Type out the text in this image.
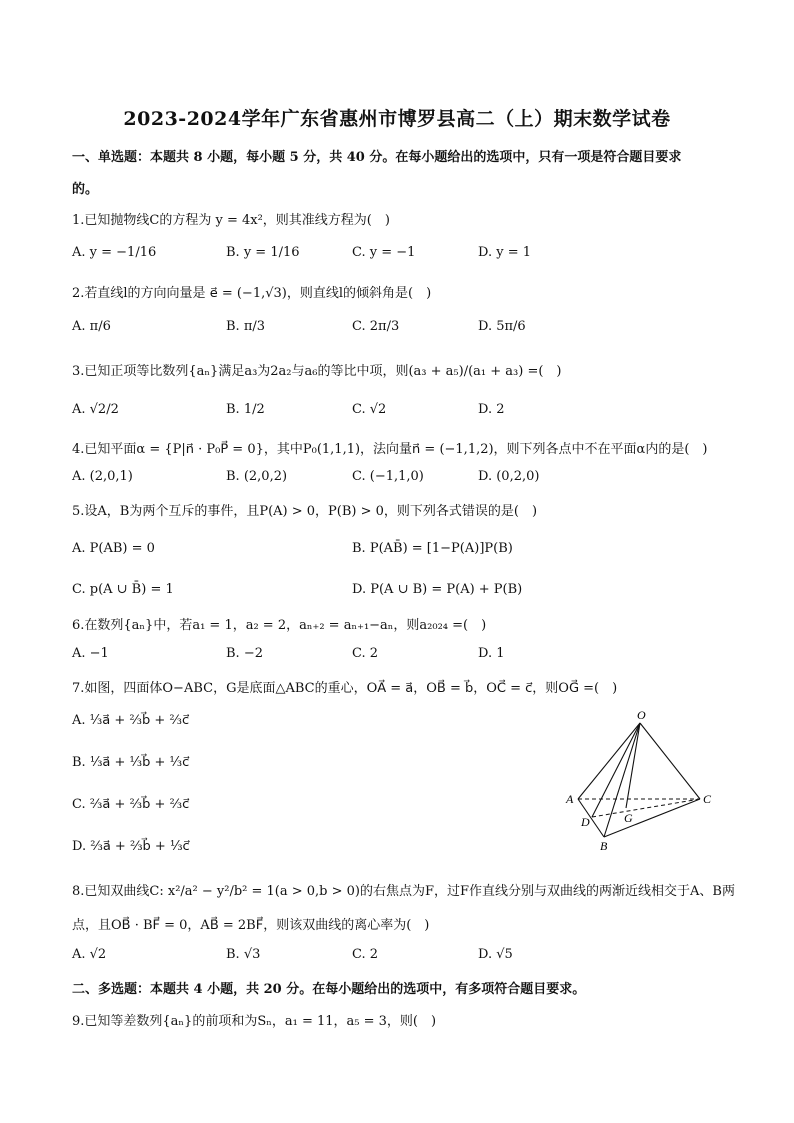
2023-2024学年广东省惠州市博罗县高二（上）期末数学试卷
一、单选题：本题共 8 小题，每小题 5 分，共 40 分。在每小题给出的选项中，只有一项是符合题目要求
的。
1.已知抛物线C的方程为 y = 4x²，则其准线方程为(　)
A. y = −1/16	B. y = 1/16	C. y = −1	D. y = 1
2.若直线l的方向向量是 e⃗ = (−1,√3)，则直线l的倾斜角是(　)
A. π/6	B. π/3	C. 2π/3	D. 5π/6
3.已知正项等比数列{aₙ}满足a₃为2a₂与a₆的等比中项，则(a₃ + a₅)/(a₁ + a₃) =(　)
A. √2/2	B. 1/2	C. √2	D. 2
4.已知平面α = {P|n⃗ · P₀P⃗ = 0}，其中P₀(1,1,1)，法向量n⃗ = (−1,1,2)，则下列各点中不在平面α内的是(　)
A. (2,0,1)	B. (2,0,2)	C. (−1,1,0)	D. (0,2,0)
5.设A，B为两个互斥的事件，且P(A) > 0，P(B) > 0，则下列各式错误的是(　)
A. P(AB) = 0	B. P(AB̄) = [1−P(A)]P(B)
C. p(A ∪ B̄) = 1	D. P(A ∪ B) = P(A) + P(B)
6.在数列{aₙ}中，若a₁ = 1，a₂ = 2，aₙ₊₂ = aₙ₊₁−aₙ，则a₂₀₂₄ =(　)
A. −1	B. −2	C. 2	D. 1
7.如图，四面体O−ABC，G是底面△ABC的重心，OA⃗ = a⃗，OB⃗ = b⃗，OC⃗ = c⃗，则OG⃗ =(　)
A. ⅓a⃗ + ⅔b⃗ + ⅔c⃗
B. ⅓a⃗ + ⅓b⃗ + ⅓c⃗
C. ⅔a⃗ + ⅔b⃗ + ⅔c⃗
D. ⅔a⃗ + ⅔b⃗ + ⅓c⃗
O
A	C
D	G
B
8.已知双曲线C: x²/a² − y²/b² = 1(a > 0,b > 0)的右焦点为F，过F作直线分别与双曲线的两渐近线相交于A、B两
点，且OB⃗ · BF⃗ = 0，AB⃗ = 2BF⃗，则该双曲线的离心率为(　)
A. √2	B. √3	C. 2	D. √5
二、多选题：本题共 4 小题，共 20 分。在每小题给出的选项中，有多项符合题目要求。
9.已知等差数列{aₙ}的前项和为Sₙ，a₁ = 11，a₅ = 3，则(　)
